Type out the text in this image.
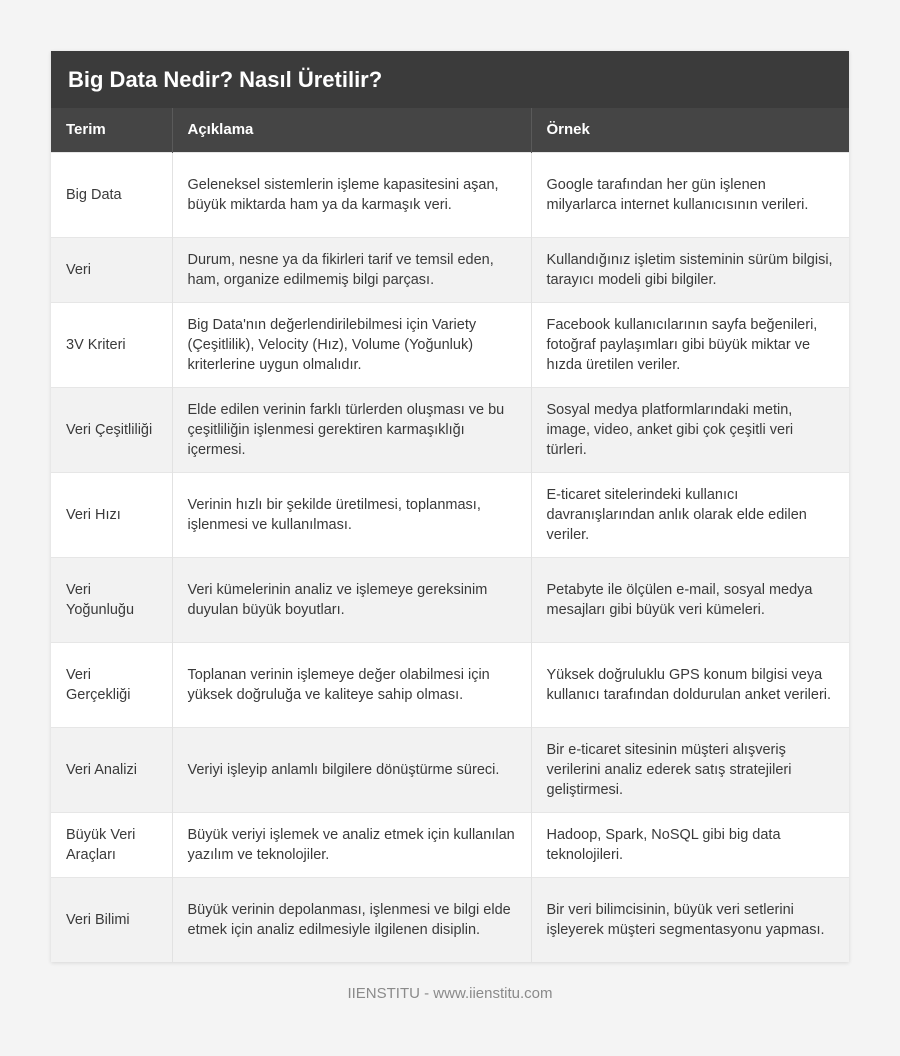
Big Data Nedir? Nasıl Üretilir?
Terim	Açıklama	Örnek
Big Data	Geleneksel sistemlerin işleme kapasitesini aşan, büyük miktarda ham ya da karmaşık veri.	Google tarafından her gün işlenen milyarlarca internet kullanıcısının verileri.
Veri	Durum, nesne ya da fikirleri tarif ve temsil eden, ham, organize edilmemiş bilgi parçası.	Kullandığınız işletim sisteminin sürüm bilgisi, tarayıcı modeli gibi bilgiler.
3V Kriteri	Big Data'nın değerlendirilebilmesi için Variety (Çeşitlilik), Velocity (Hız), Volume (Yoğunluk) kriterlerine uygun olmalıdır.	Facebook kullanıcılarının sayfa beğenileri, fotoğraf paylaşımları gibi büyük miktar ve hızda üretilen veriler.
Veri Çeşitliliği	Elde edilen verinin farklı türlerden oluşması ve bu çeşitliliğin işlenmesi gerektiren karmaşıklığı içermesi.	Sosyal medya platformlarındaki metin, image, video, anket gibi çok çeşitli veri türleri.
Veri Hızı	Verinin hızlı bir şekilde üretilmesi, toplanması, işlenmesi ve kullanılması.	E-ticaret sitelerindeki kullanıcı davranışlarından anlık olarak elde edilen veriler.
Veri Yoğunluğu	Veri kümelerinin analiz ve işlemeye gereksinim duyulan büyük boyutları.	Petabyte ile ölçülen e-mail, sosyal medya mesajları gibi büyük veri kümeleri.
Veri Gerçekliği	Toplanan verinin işlemeye değer olabilmesi için yüksek doğruluğa ve kaliteye sahip olması.	Yüksek doğruluklu GPS konum bilgisi veya kullanıcı tarafından doldurulan anket verileri.
Veri Analizi	Veriyi işleyip anlamlı bilgilere dönüştürme süreci.	Bir e-ticaret sitesinin müşteri alışveriş verilerini analiz ederek satış stratejileri geliştirmesi.
Büyük Veri Araçları	Büyük veriyi işlemek ve analiz etmek için kullanılan yazılım ve teknolojiler.	Hadoop, Spark, NoSQL gibi big data teknolojileri.
Veri Bilimi	Büyük verinin depolanması, işlenmesi ve bilgi elde etmek için analiz edilmesiyle ilgilenen disiplin.	Bir veri bilimcisinin, büyük veri setlerini işleyerek müşteri segmentasyonu yapması.
IIENSTITU - www.iienstitu.com
